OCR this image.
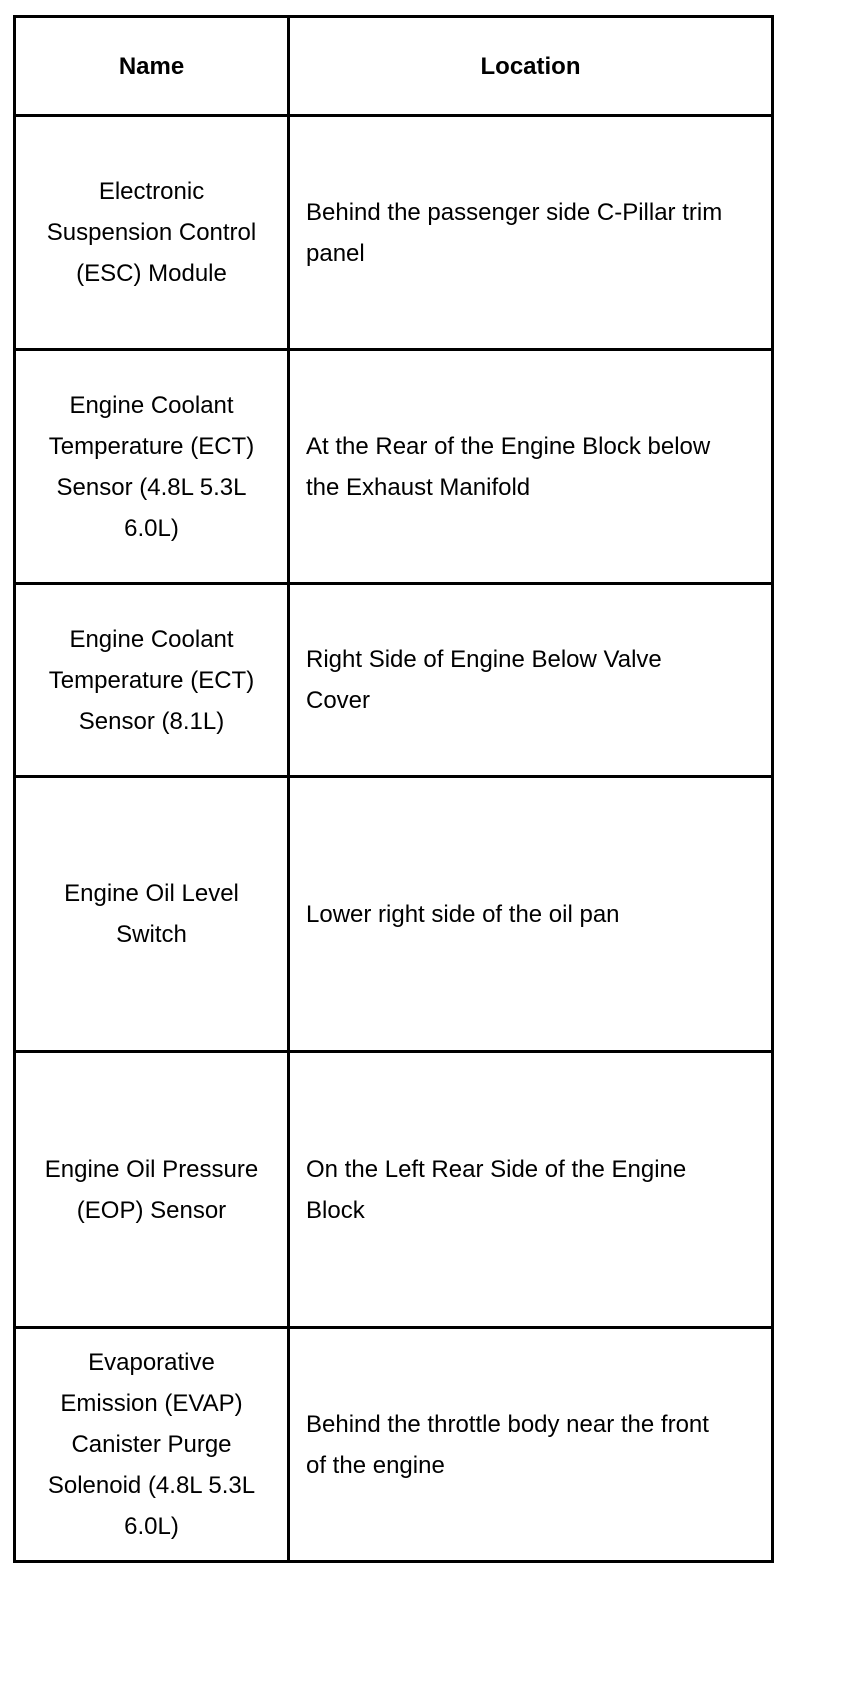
Name	Location
Electronic Suspension Control (ESC) Module	Behind the passenger side C-Pillar trim panel
Engine Coolant Temperature (ECT) Sensor (4.8L 5.3L 6.0L)	At the Rear of the Engine Block below the Exhaust Manifold
Engine Coolant Temperature (ECT) Sensor (8.1L)	Right Side of Engine Below Valve Cover
Engine Oil Level Switch	Lower right side of the oil pan
Engine Oil Pressure (EOP) Sensor	On the Left Rear Side of the Engine Block
Evaporative Emission (EVAP) Canister Purge Solenoid (4.8L 5.3L 6.0L)	Behind the throttle body near the front of the engine
